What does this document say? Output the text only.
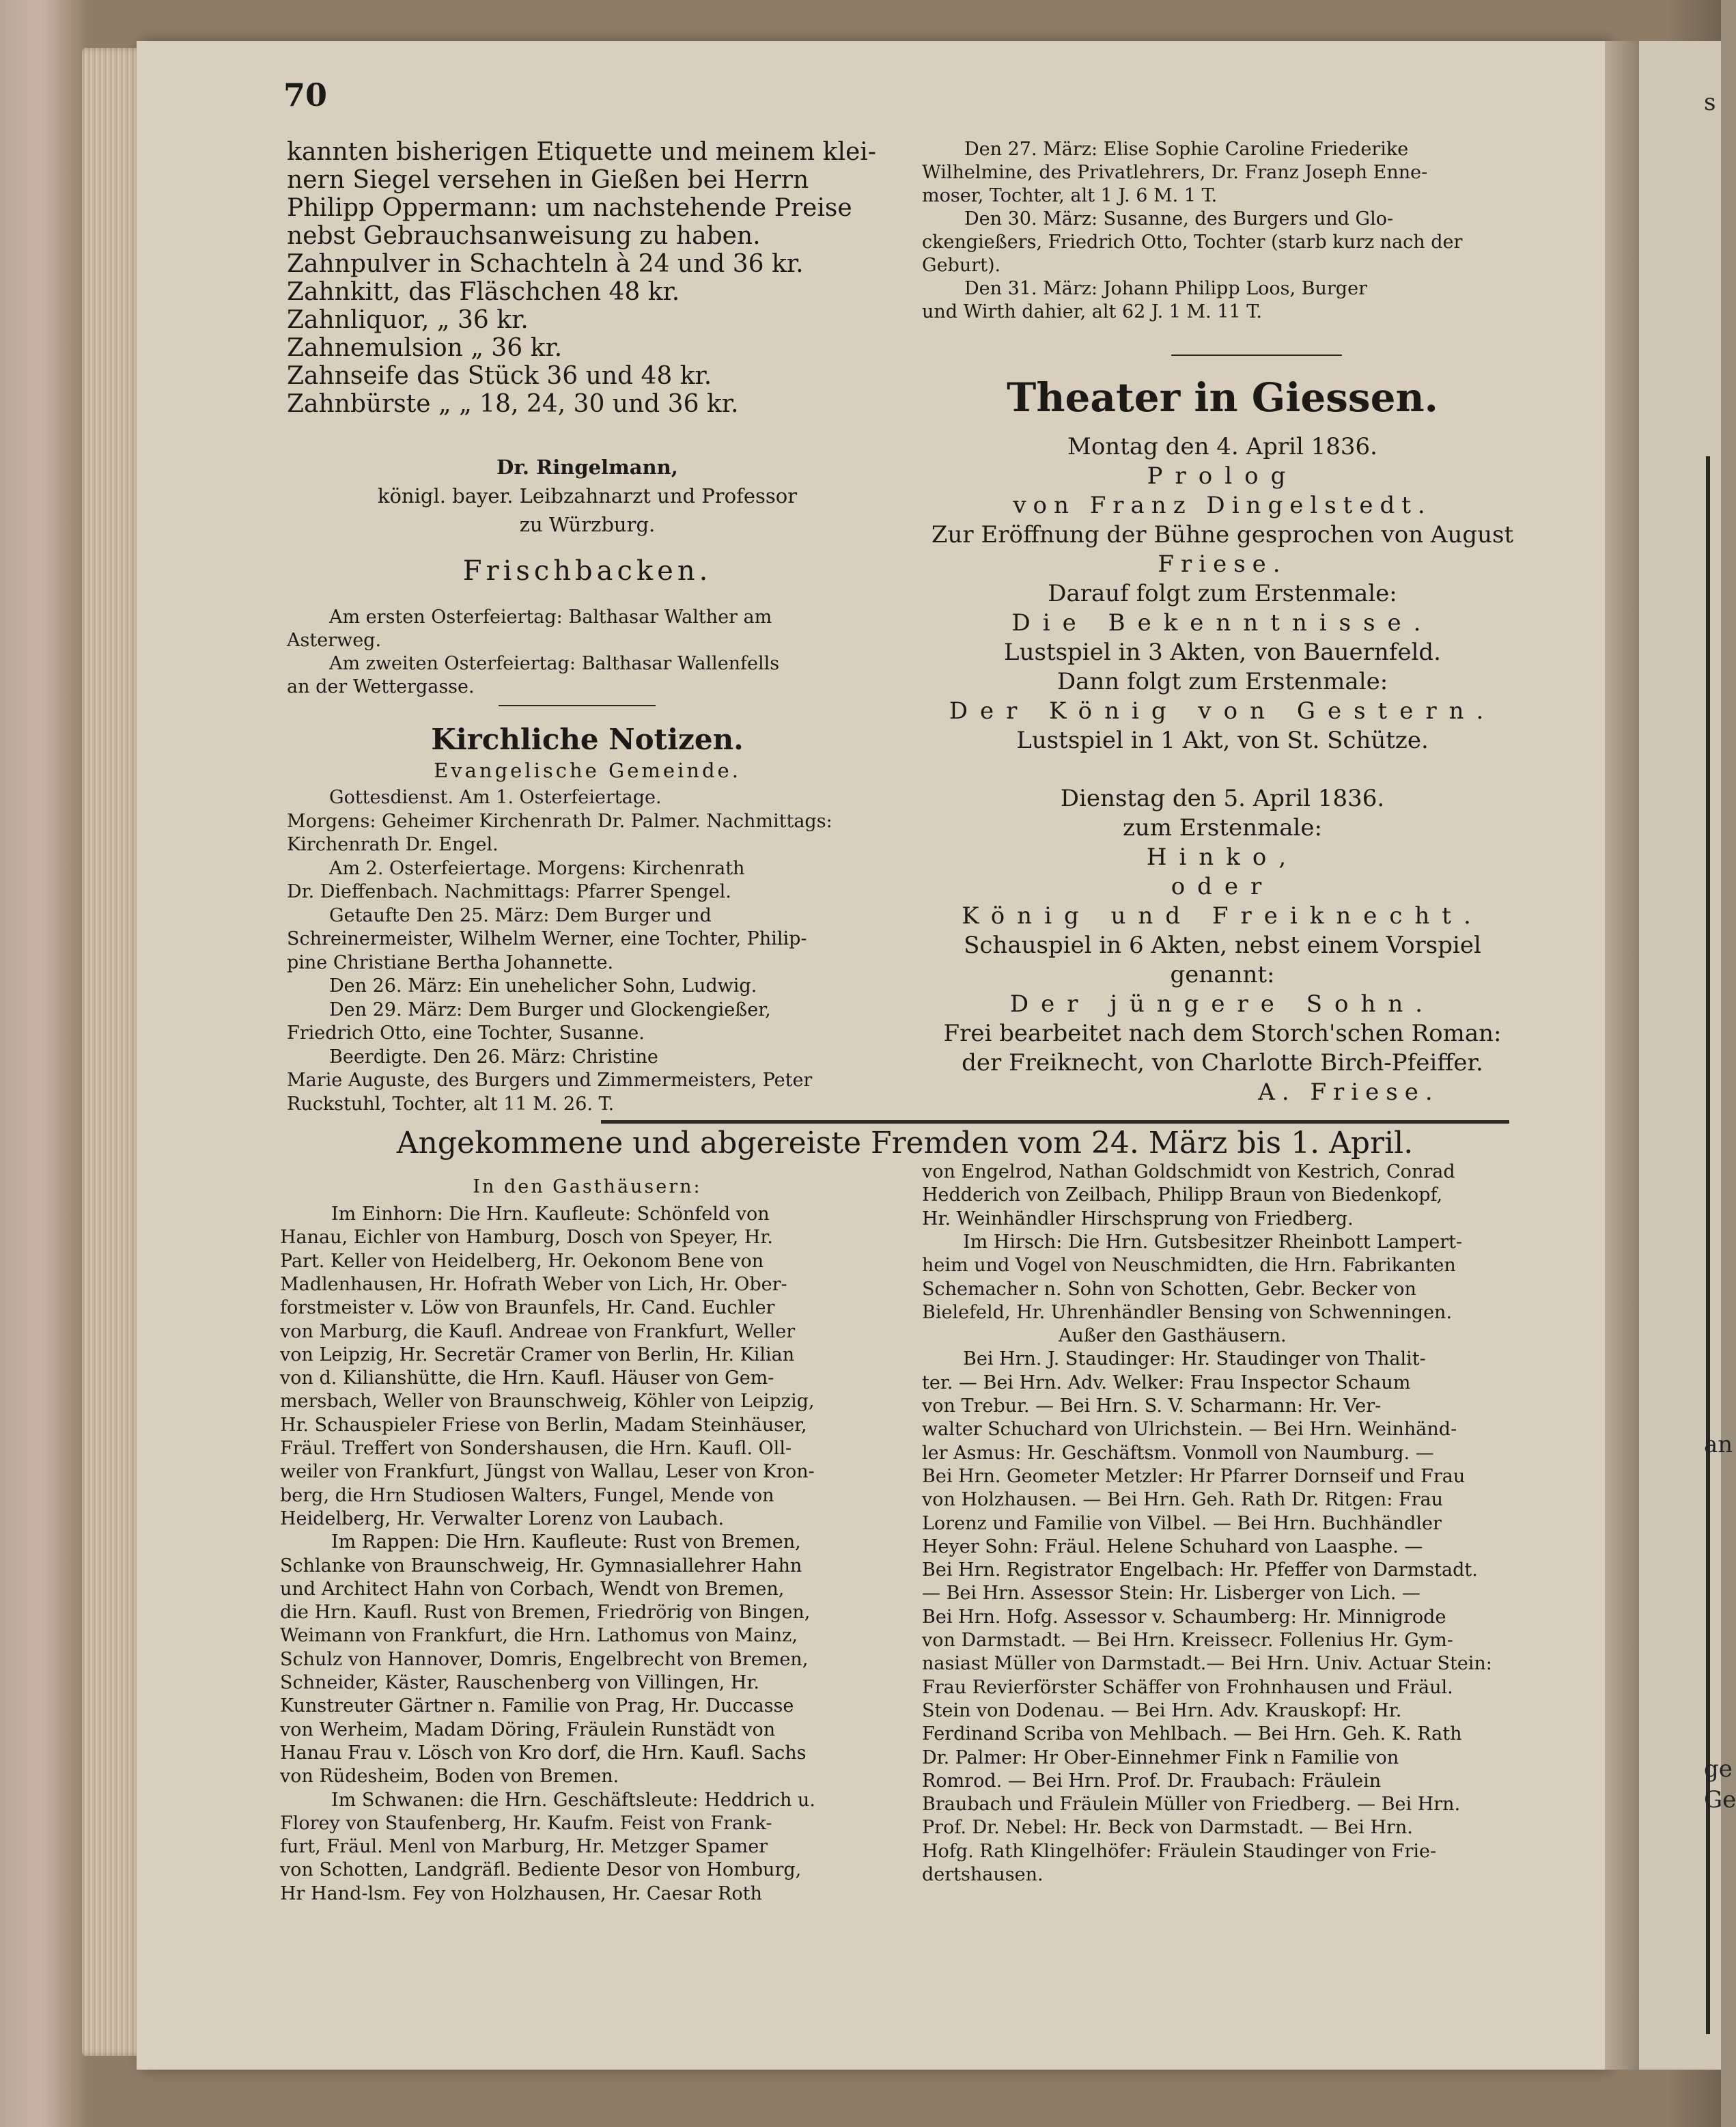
ge
Ge
an
s
70
kannten bisherigen Etiquette und meinem klei-
nern Siegel versehen in Gießen bei Herrn
Philipp Oppermann: um nachstehende Preise
nebst Gebrauchsanweisung zu haben.
Zahnpulver in Schachteln à 24 und 36 kr.
Zahnkitt, das Fläschchen 48 kr.
Zahnliquor, „ 36 kr.
Zahnemulsion „ 36 kr.
Zahnseife das Stück 36 und 48 kr.
Zahnbürste „ „ 18, 24, 30 und 36 kr.
Dr. Ringelmann,
königl. bayer. Leibzahnarzt und Professor
zu Würzburg.
Frischbacken.
Am ersten Osterfeiertag: Balthasar Walther am
Asterweg.
Am zweiten Osterfeiertag: Balthasar Wallenfells
an der Wettergasse.
Kirchliche Notizen.
Evangelische Gemeinde.
Gottesdienst. Am 1. Osterfeiertage.
Morgens: Geheimer Kirchenrath Dr. Palmer. Nachmittags:
Kirchenrath Dr. Engel.
Am 2. Osterfeiertage. Morgens: Kirchenrath
Dr. Dieffenbach. Nachmittags: Pfarrer Spengel.
Getaufte Den 25. März: Dem Burger und
Schreinermeister, Wilhelm Werner, eine Tochter, Philip-
pine Christiane Bertha Johannette.
Den 26. März: Ein unehelicher Sohn, Ludwig.
Den 29. März: Dem Burger und Glockengießer,
Friedrich Otto, eine Tochter, Susanne.
Beerdigte. Den 26. März: Christine
Marie Auguste, des Burgers und Zimmermeisters, Peter
Ruckstuhl, Tochter, alt 11 M. 26. T.
Den 27. März: Elise Sophie Caroline Friederike
Wilhelmine, des Privatlehrers, Dr. Franz Joseph Enne-
moser, Tochter, alt 1 J. 6 M. 1 T.
Den 30. März: Susanne, des Burgers und Glo-
ckengießers, Friedrich Otto, Tochter (starb kurz nach der
Geburt).
Den 31. März: Johann Philipp Loos, Burger
und Wirth dahier, alt 62 J. 1 M. 11 T.
Theater in Giessen.
Montag den 4. April 1836.
Prolog
von Franz Dingelstedt.
Zur Eröffnung der Bühne gesprochen von August
Friese.
Darauf folgt zum Erstenmale:
Die Bekenntnisse.
Lustspiel in 3 Akten, von Bauernfeld.
Dann folgt zum Erstenmale:
Der König von Gestern.
Lustspiel in 1 Akt, von St. Schütze.
Dienstag den 5. April 1836.
zum Erstenmale:
Hinko,
oder
König und Freiknecht.
Schauspiel in 6 Akten, nebst einem Vorspiel
genannt:
Der jüngere Sohn.
Frei bearbeitet nach dem Storch'schen Roman:
der Freiknecht, von Charlotte Birch-Pfeiffer.
A. Friese.
Angekommene und abgereiste Fremden vom 24. März bis 1. April.
In den Gasthäusern:
Im Einhorn: Die Hrn. Kaufleute: Schönfeld von
Hanau, Eichler von Hamburg, Dosch von Speyer, Hr.
Part. Keller von Heidelberg, Hr. Oekonom Bene von
Madlenhausen, Hr. Hofrath Weber von Lich, Hr. Ober-
forstmeister v. Löw von Braunfels, Hr. Cand. Euchler
von Marburg, die Kaufl. Andreae von Frankfurt, Weller
von Leipzig, Hr. Secretär Cramer von Berlin, Hr. Kilian
von d. Kilianshütte, die Hrn. Kaufl. Häuser von Gem-
mersbach, Weller von Braunschweig, Köhler von Leipzig,
Hr. Schauspieler Friese von Berlin, Madam Steinhäuser,
Fräul. Treffert von Sondershausen, die Hrn. Kaufl. Oll-
weiler von Frankfurt, Jüngst von Wallau, Leser von Kron-
berg, die Hrn Studiosen Walters, Fungel, Mende von
Heidelberg, Hr. Verwalter Lorenz von Laubach.
Im Rappen: Die Hrn. Kaufleute: Rust von Bremen,
Schlanke von Braunschweig, Hr. Gymnasiallehrer Hahn
und Architect Hahn von Corbach, Wendt von Bremen,
die Hrn. Kaufl. Rust von Bremen, Friedrörig von Bingen,
Weimann von Frankfurt, die Hrn. Lathomus von Mainz,
Schulz von Hannover, Domris, Engelbrecht von Bremen,
Schneider, Käster, Rauschenberg von Villingen, Hr.
Kunstreuter Gärtner n. Familie von Prag, Hr. Duccasse
von Werheim, Madam Döring, Fräulein Runstädt von
Hanau Frau v. Lösch von Kro dorf, die Hrn. Kaufl. Sachs
von Rüdesheim, Boden von Bremen.
Im Schwanen: die Hrn. Geschäftsleute: Heddrich u.
Florey von Staufenberg, Hr. Kaufm. Feist von Frank-
furt, Fräul. Menl von Marburg, Hr. Metzger Spamer
von Schotten, Landgräfl. Bediente Desor von Homburg,
Hr Hand-lsm. Fey von Holzhausen, Hr. Caesar Roth
von Engelrod, Nathan Goldschmidt von Kestrich, Conrad
Hedderich von Zeilbach, Philipp Braun von Biedenkopf,
Hr. Weinhändler Hirschsprung von Friedberg.
Im Hirsch: Die Hrn. Gutsbesitzer Rheinbott Lampert-
heim und Vogel von Neuschmidten, die Hrn. Fabrikanten
Schemacher n. Sohn von Schotten, Gebr. Becker von
Bielefeld, Hr. Uhrenhändler Bensing von Schwenningen.
Außer den Gasthäusern.
Bei Hrn. J. Staudinger: Hr. Staudinger von Thalit-
ter. — Bei Hrn. Adv. Welker: Frau Inspector Schaum
von Trebur. — Bei Hrn. S. V. Scharmann: Hr. Ver-
walter Schuchard von Ulrichstein. — Bei Hrn. Weinhänd-
ler Asmus: Hr. Geschäftsm. Vonmoll von Naumburg. —
Bei Hrn. Geometer Metzler: Hr Pfarrer Dornseif und Frau
von Holzhausen. — Bei Hrn. Geh. Rath Dr. Ritgen: Frau
Lorenz und Familie von Vilbel. — Bei Hrn. Buchhändler
Heyer Sohn: Fräul. Helene Schuhard von Laasphe. —
Bei Hrn. Registrator Engelbach: Hr. Pfeffer von Darmstadt.
— Bei Hrn. Assessor Stein: Hr. Lisberger von Lich. —
Bei Hrn. Hofg. Assessor v. Schaumberg: Hr. Minnigrode
von Darmstadt. — Bei Hrn. Kreissecr. Follenius Hr. Gym-
nasiast Müller von Darmstadt.— Bei Hrn. Univ. Actuar Stein:
Frau Revierförster Schäffer von Frohnhausen und Fräul.
Stein von Dodenau. — Bei Hrn. Adv. Krauskopf: Hr.
Ferdinand Scriba von Mehlbach. — Bei Hrn. Geh. K. Rath
Dr. Palmer: Hr Ober-Einnehmer Fink n Familie von
Romrod. — Bei Hrn. Prof. Dr. Fraubach: Fräulein
Braubach und Fräulein Müller von Friedberg. — Bei Hrn.
Prof. Dr. Nebel: Hr. Beck von Darmstadt. — Bei Hrn.
Hofg. Rath Klingelhöfer: Fräulein Staudinger von Frie-
dertshausen.
